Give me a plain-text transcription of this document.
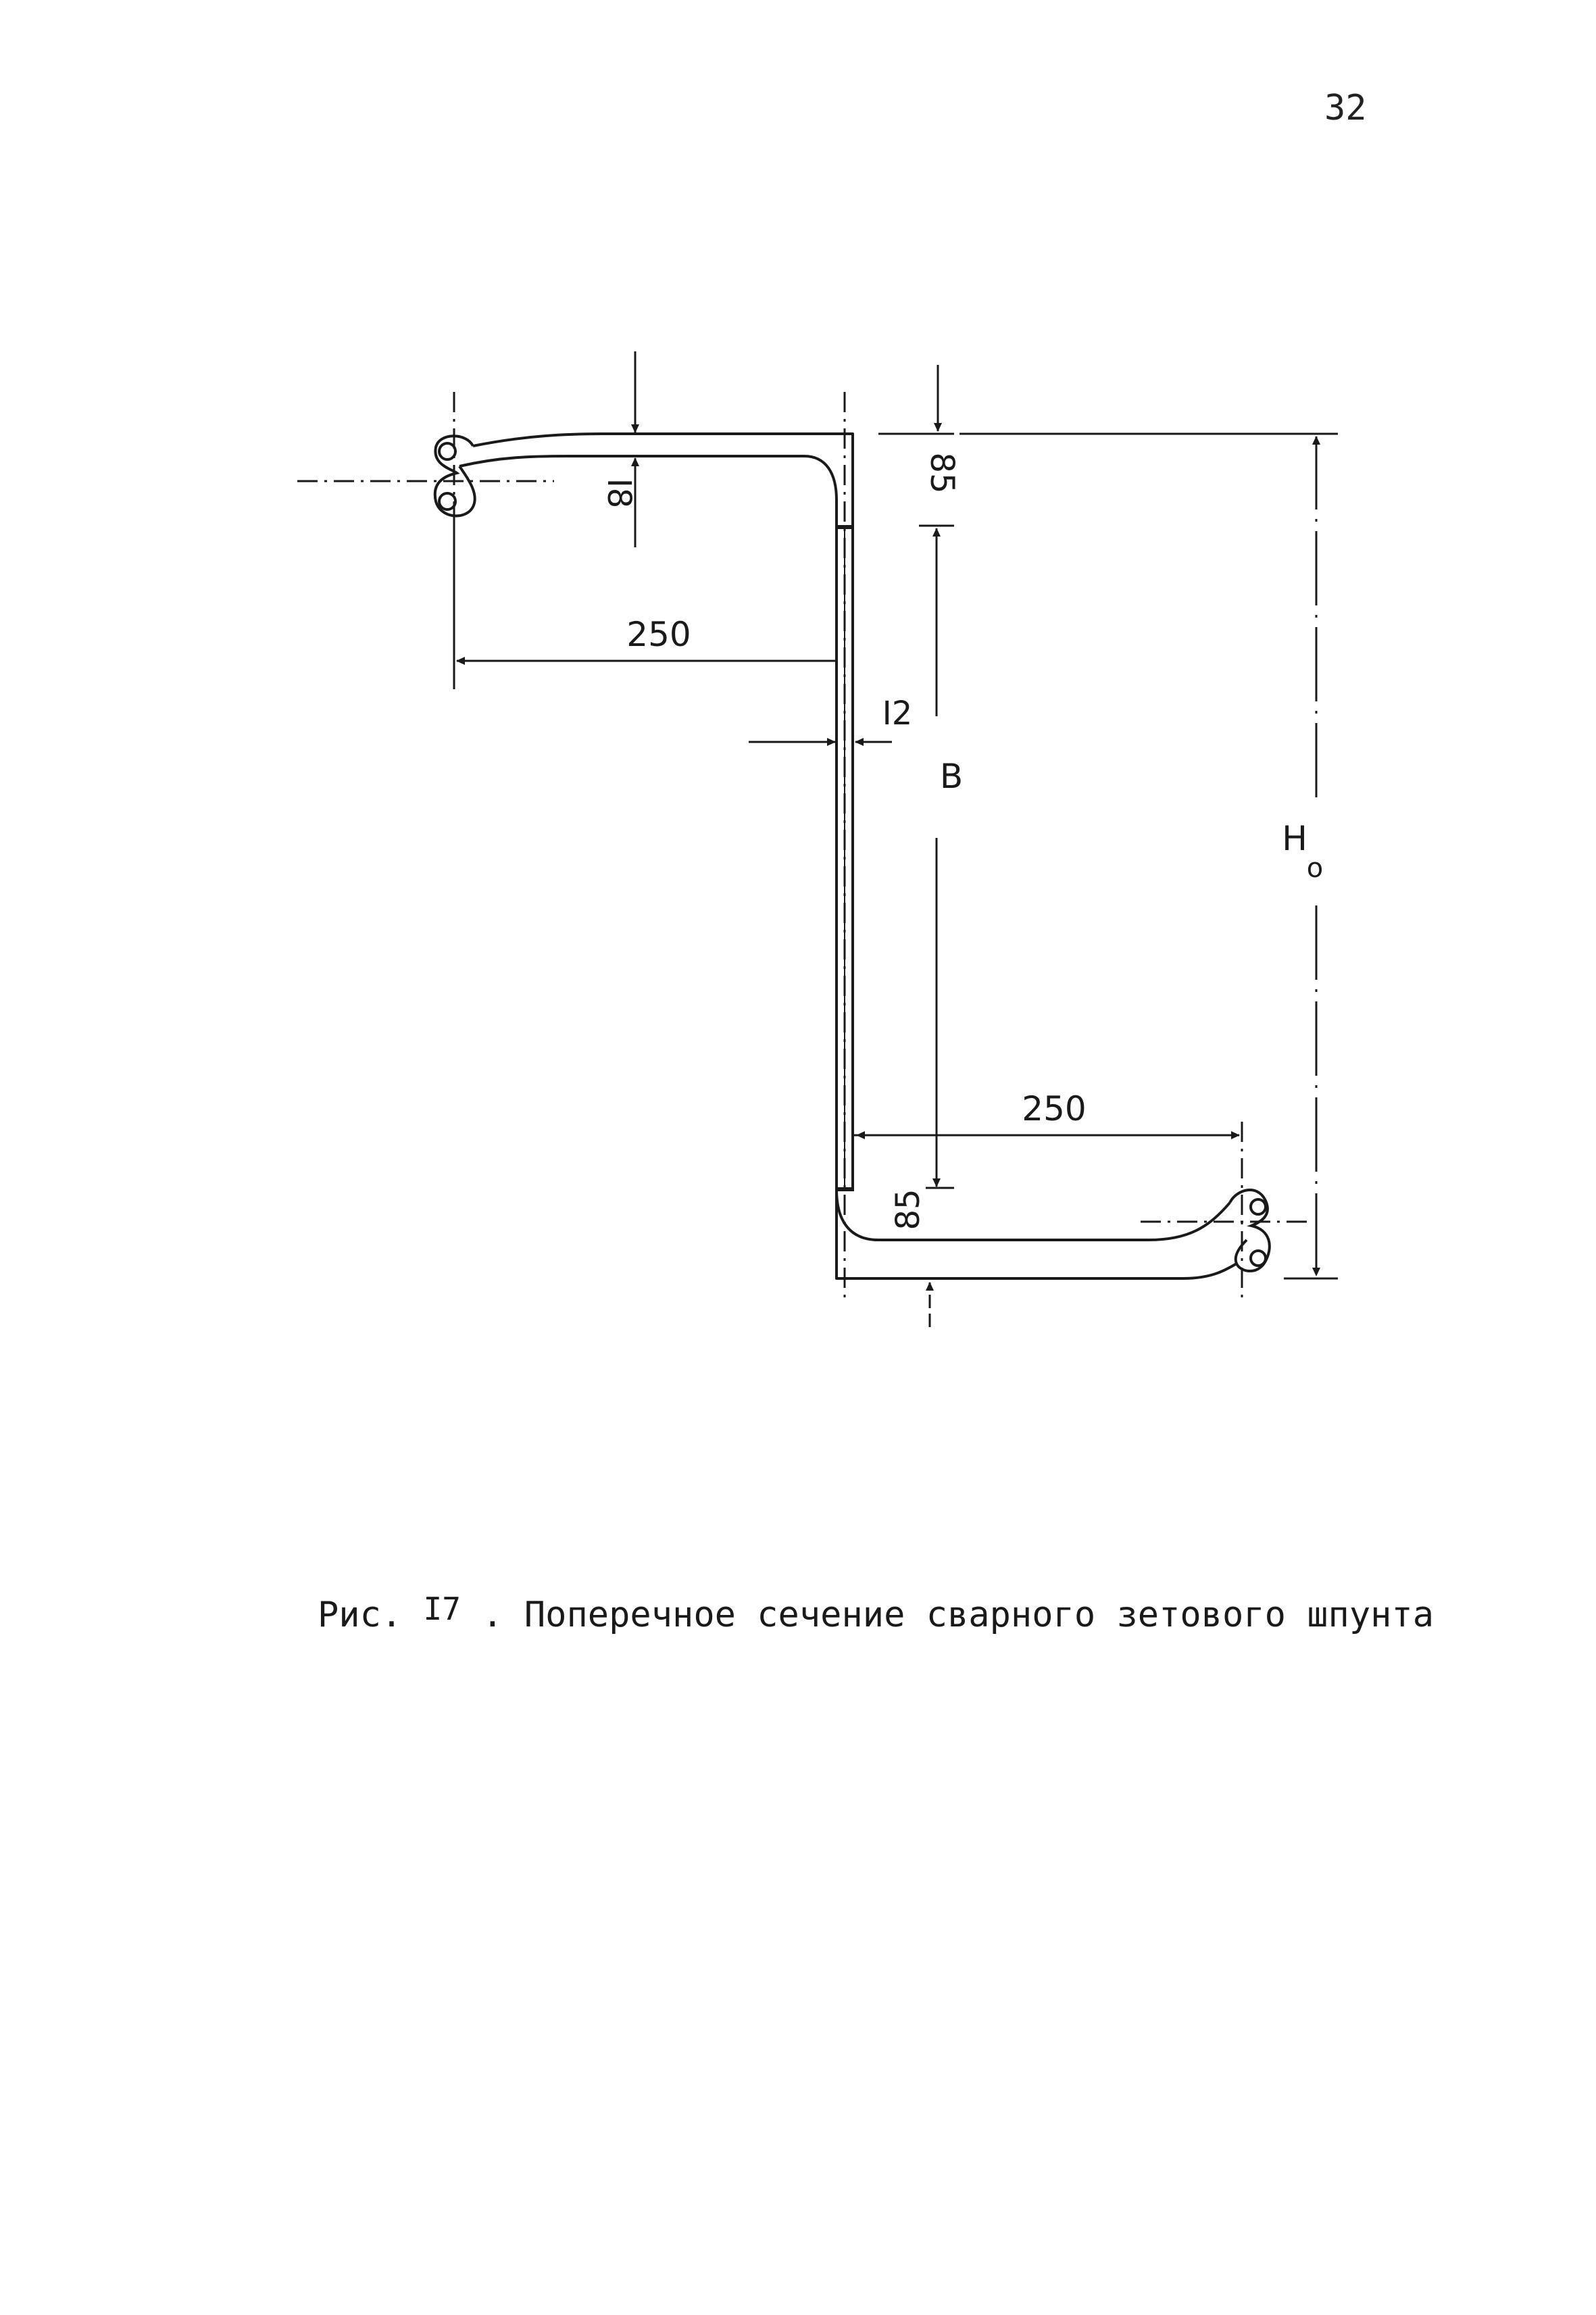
32
I8
250
I2
85
B
H
o
250
85
Рис. $^{I7}$ . Поперечное сечение сварного зетового шпунта
